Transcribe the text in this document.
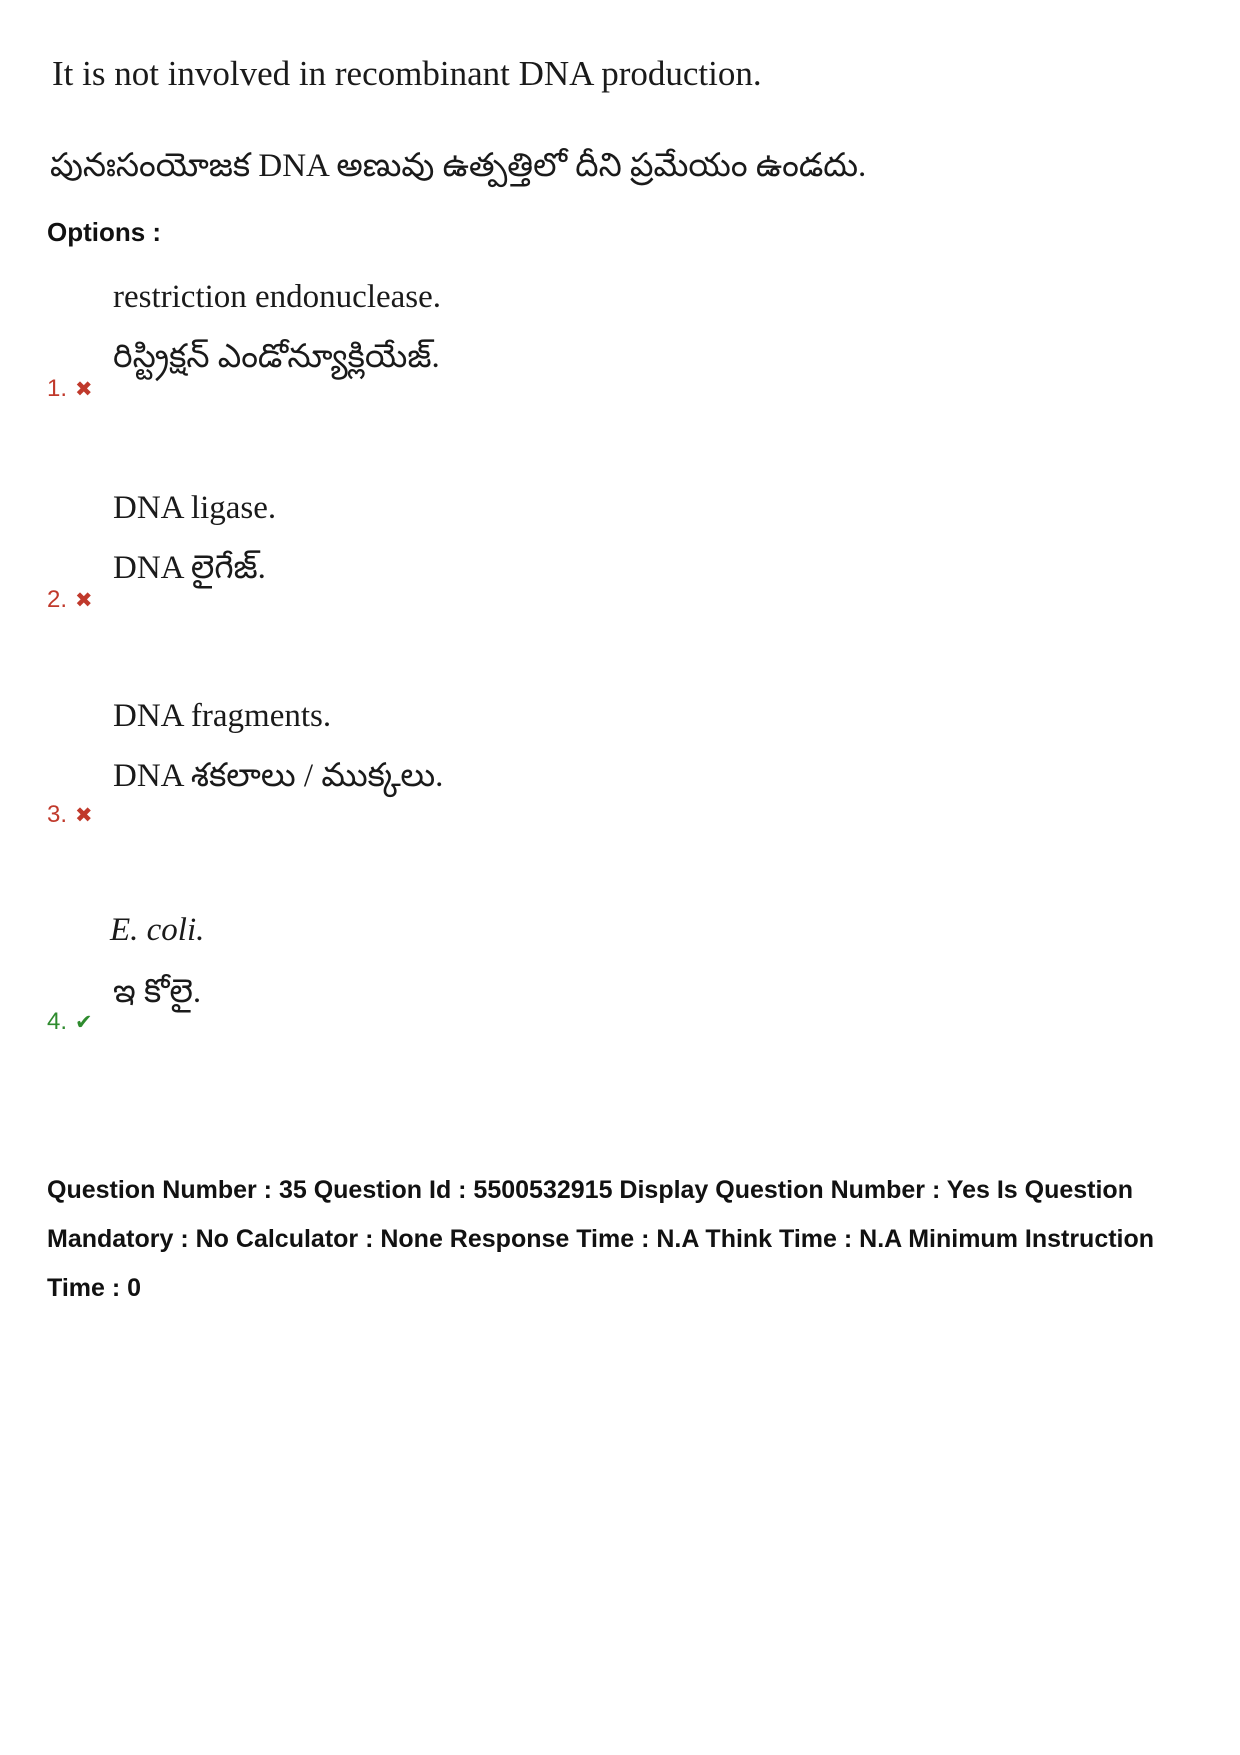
It is not involved in recombinant DNA production.
పునఃసంయోజక DNA అణువు ఉత్పత్తిలో దీని ప్రమేయం ఉండదు.
Options :
restriction endonuclease.
రిస్ట్రిక్షన్ ఎండోన్యూక్లియేజ్.
1. ✖
DNA ligase.
DNA లైగేజ్.
2. ✖
DNA fragments.
DNA శకలాలు / ముక్కలు.
3. ✖
E. coli.
ఇ కోలై.
4. ✔
Question Number : 35 Question Id : 5500532915 Display Question Number : Yes Is Question Mandatory : No Calculator : None Response Time : N.A Think Time : N.A Minimum Instruction Time : 0
